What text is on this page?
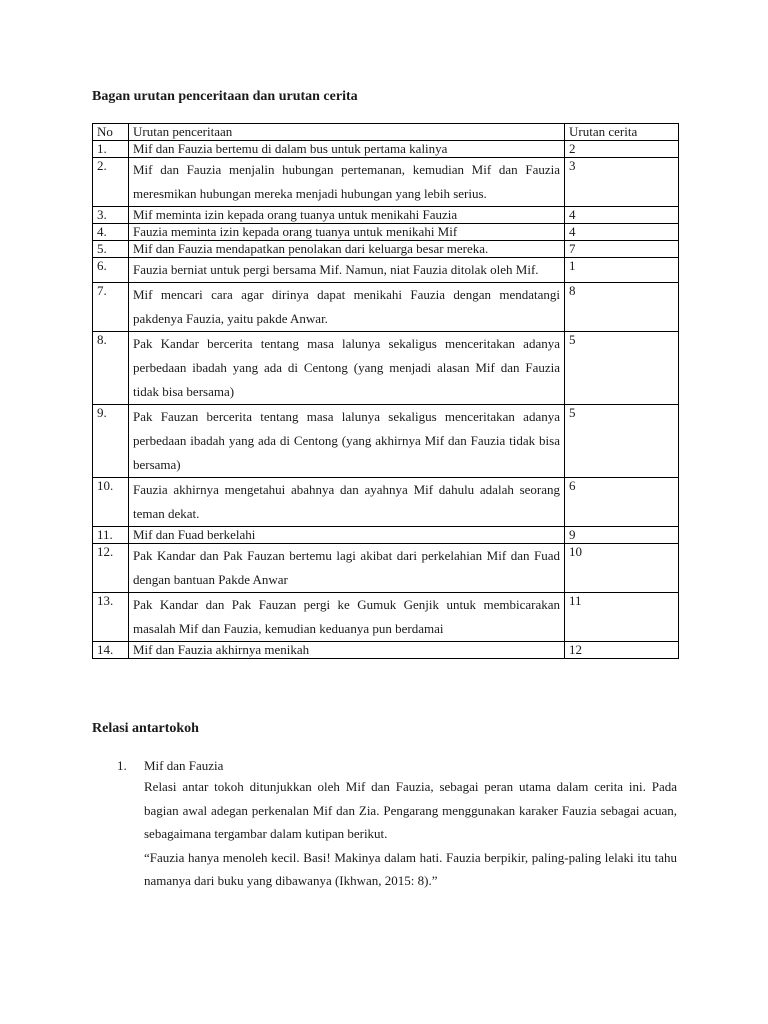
Bagan urutan penceritaan dan urutan cerita

No	Urutan penceritaan	Urutan cerita
1.	Mif dan Fauzia bertemu di dalam bus untuk pertama kalinya	2
2.	Mif dan Fauzia menjalin hubungan pertemanan, kemudian Mif dan Fauzia meresmikan hubungan mereka menjadi hubungan yang lebih serius.	3
3.	Mif meminta izin kepada orang tuanya untuk menikahi Fauzia	4
4.	Fauzia meminta izin kepada orang tuanya untuk menikahi Mif	4
5.	Mif dan Fauzia mendapatkan penolakan dari keluarga besar mereka.	7
6.	Fauzia berniat untuk pergi bersama Mif. Namun, niat Fauzia ditolak oleh Mif.	1
7.	Mif mencari cara agar dirinya dapat menikahi Fauzia dengan mendatangi pakdenya Fauzia, yaitu pakde Anwar.	8
8.	Pak Kandar bercerita tentang masa lalunya sekaligus menceritakan adanya perbedaan ibadah yang ada di Centong (yang menjadi alasan Mif dan Fauzia tidak bisa bersama)	5
9.	Pak Fauzan bercerita tentang masa lalunya sekaligus menceritakan adanya perbedaan ibadah yang ada di Centong (yang akhirnya Mif dan Fauzia tidak bisa bersama)	5
10.	Fauzia akhirnya mengetahui abahnya dan ayahnya Mif dahulu adalah seorang teman dekat.	6
11.	Mif dan Fuad berkelahi	9
12.	Pak Kandar dan Pak Fauzan bertemu lagi akibat dari perkelahian Mif dan Fuad dengan bantuan Pakde Anwar	10
13.	Pak Kandar dan Pak Fauzan pergi ke Gumuk Genjik untuk membicarakan masalah Mif dan Fauzia, kemudian keduanya pun berdamai	11
14.	Mif dan Fauzia akhirnya menikah	12

Relasi antartokoh

1.	Mif dan Fauzia

Relasi antar tokoh ditunjukkan oleh Mif dan Fauzia, sebagai peran utama dalam cerita ini. Pada bagian awal adegan perkenalan Mif dan Zia. Pengarang menggunakan karaker Fauzia sebagai acuan, sebagaimana tergambar dalam kutipan berikut.

“Fauzia hanya menoleh kecil. Basi! Makinya dalam hati. Fauzia berpikir, paling-paling lelaki itu tahu namanya dari buku yang dibawanya (Ikhwan, 2015: 8).”
